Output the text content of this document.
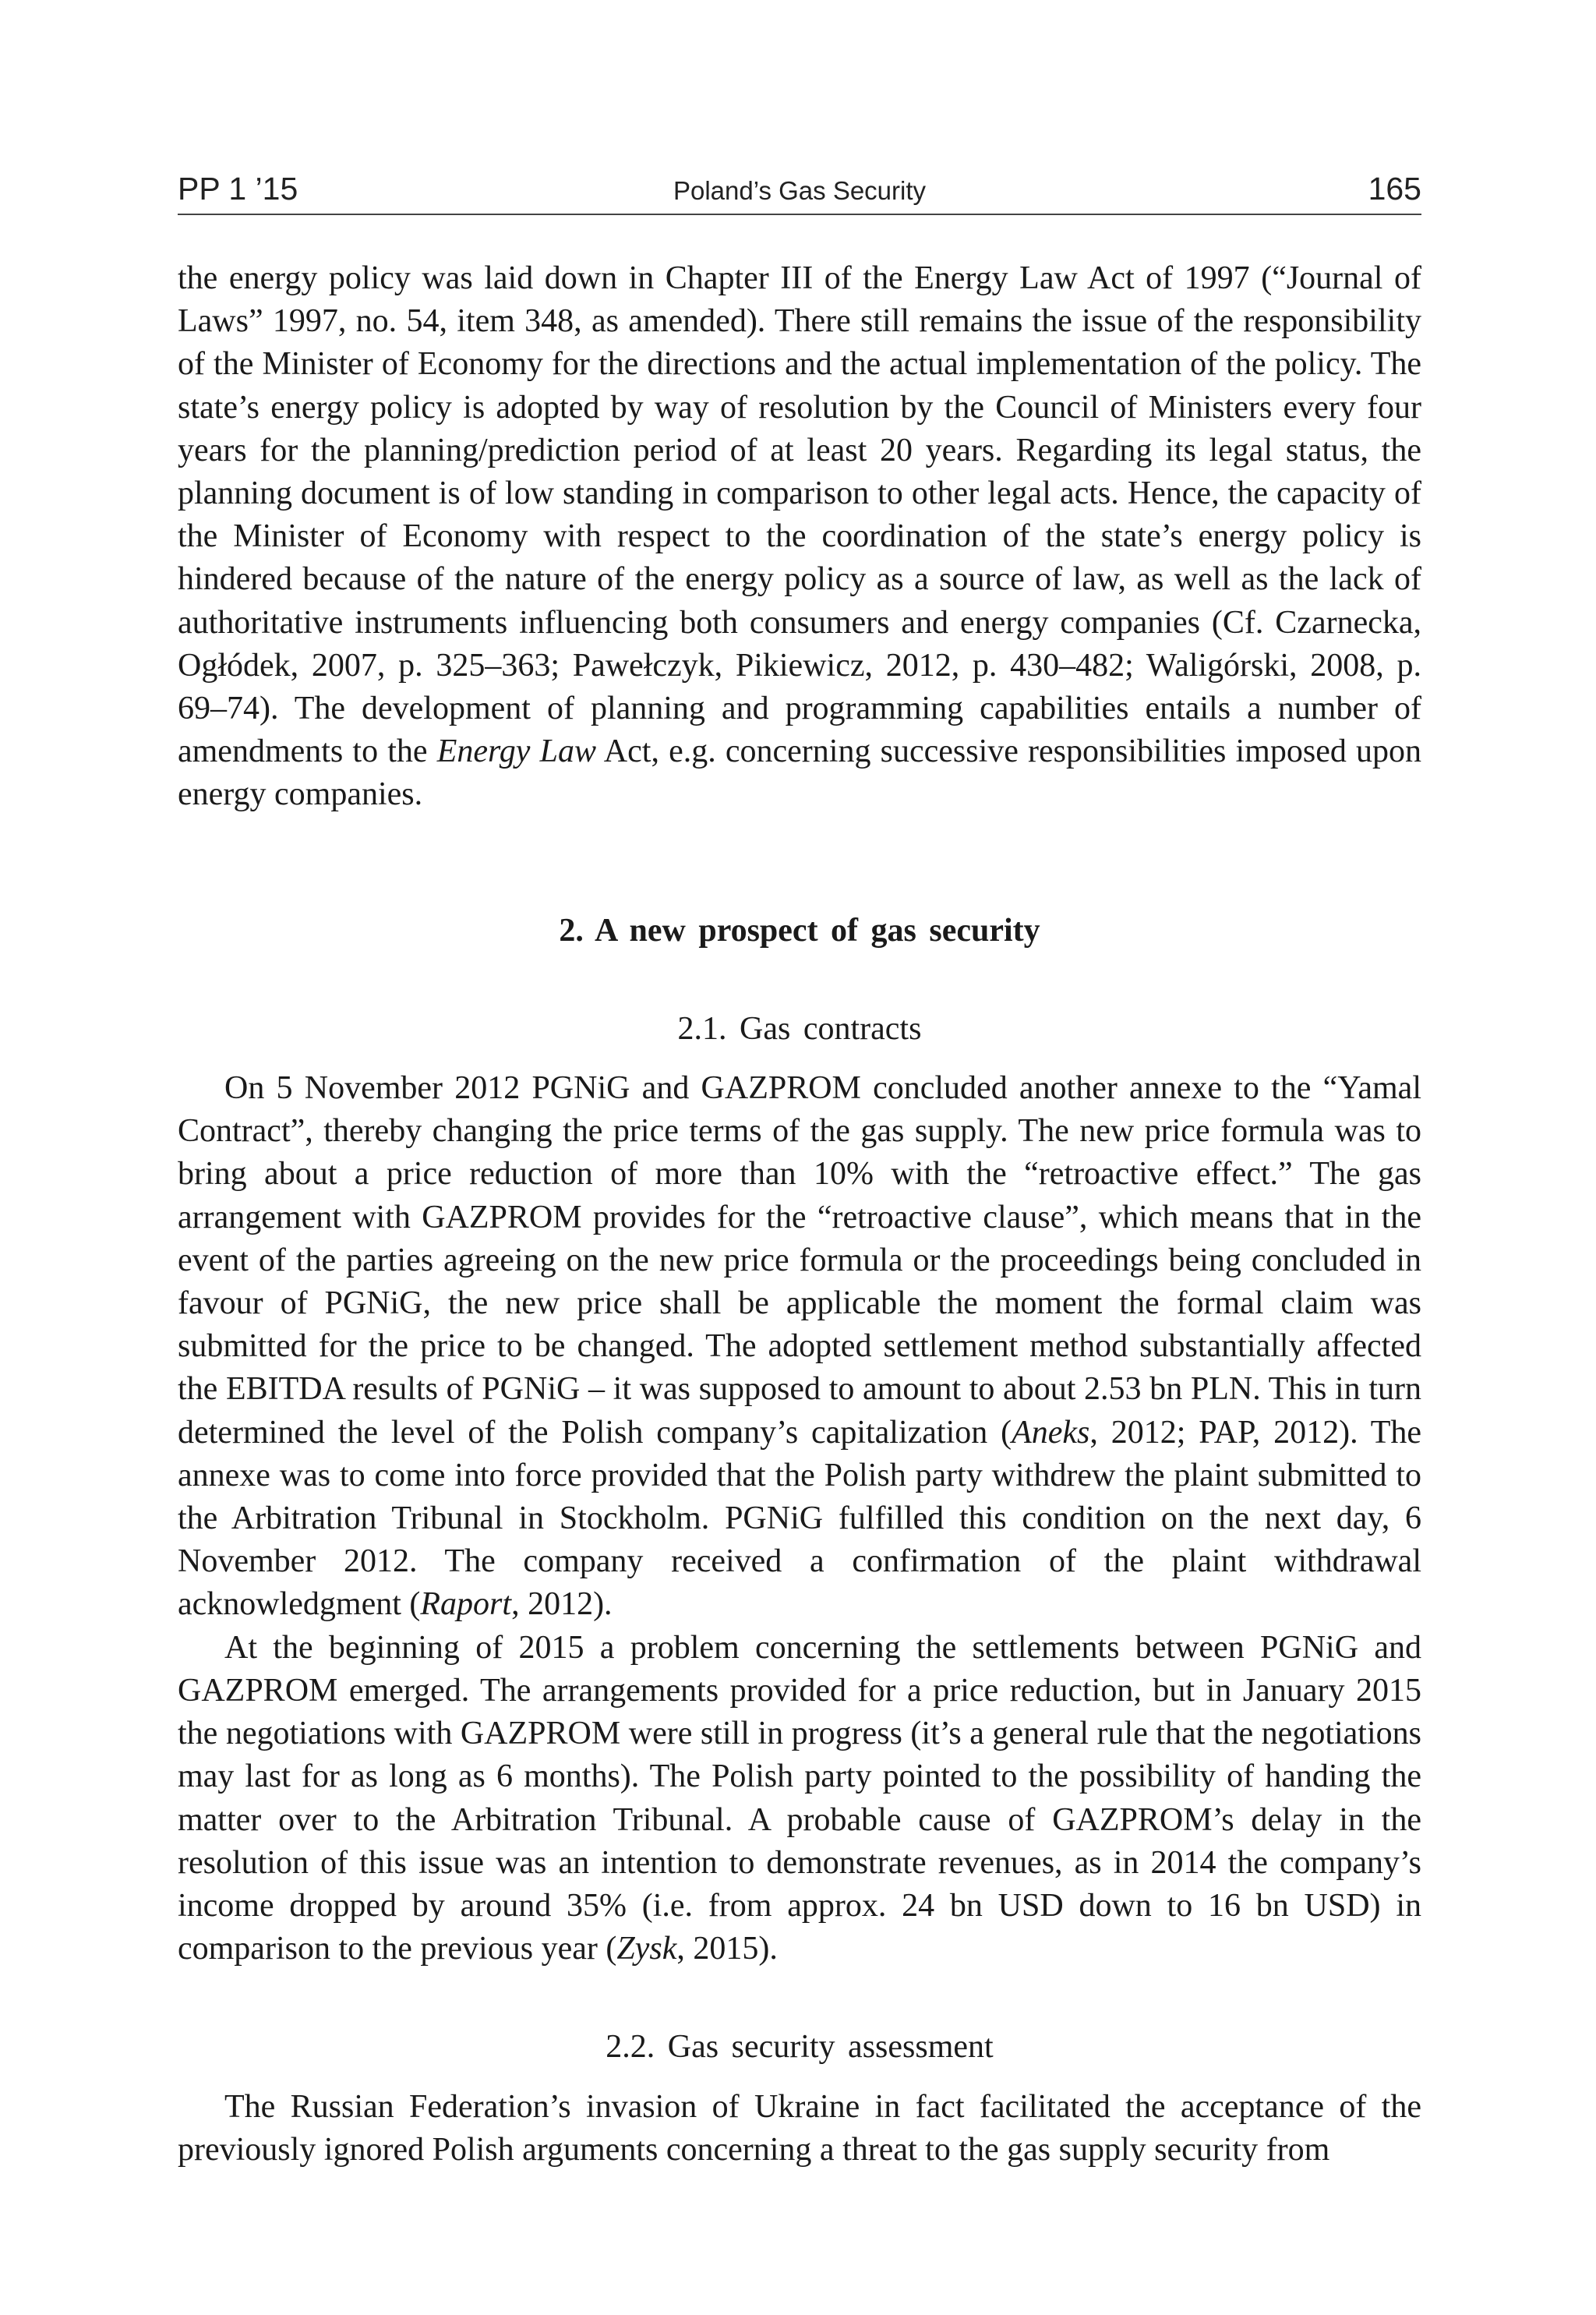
PP 1 ’15	Poland’s Gas Security	165

the energy policy was laid down in Chapter III of the Energy Law Act of 1997 (“Journal of Laws” 1997, no. 54, item 348, as amended). There still remains the issue of the responsibility of the Minister of Economy for the directions and the actual implementation of the policy. The state’s energy policy is adopted by way of resolution by the Council of Ministers every four years for the planning/prediction period of at least 20 years. Regarding its legal status, the planning document is of low standing in comparison to other legal acts. Hence, the capacity of the Minister of Economy with respect to the coordination of the state’s energy policy is hindered because of the nature of the energy policy as a source of law, as well as the lack of authoritative instruments influencing both consumers and energy companies (Cf. Czarnecka, Ogłódek, 2007, p. 325–363; Pawełczyk, Pikiewicz, 2012, p. 430–482; Waligórski, 2008, p. 69–74). The development of planning and programming capabilities entails a number of amendments to the Energy Law Act, e.g. concerning successive responsibilities imposed upon energy companies.

2. A new prospect of gas security
2.1. Gas contracts

On 5 November 2012 PGNiG and GAZPROM concluded another annexe to the “Yamal Contract”, thereby changing the price terms of the gas supply. The new price formula was to bring about a price reduction of more than 10% with the “retroactive effect.” The gas arrangement with GAZPROM provides for the “retroactive clause”, which means that in the event of the parties agreeing on the new price formula or the proceedings being concluded in favour of PGNiG, the new price shall be applicable the moment the formal claim was submitted for the price to be changed. The adopted settlement method substantially affected the EBITDA results of PGNiG – it was supposed to amount to about 2.53 bn PLN. This in turn determined the level of the Polish company’s capitalization (Aneks, 2012; PAP, 2012). The annexe was to come into force provided that the Polish party withdrew the plaint submitted to the Arbitration Tribunal in Stockholm. PGNiG fulfilled this condition on the next day, 6 November 2012. The company received a confirmation of the plaint withdrawal acknowledgment (Raport, 2012).

At the beginning of 2015 a problem concerning the settlements between PGNiG and GAZPROM emerged. The arrangements provided for a price reduction, but in January 2015 the negotiations with GAZPROM were still in progress (it’s a general rule that the negotiations may last for as long as 6 months). The Polish party pointed to the possibility of handing the matter over to the Arbitration Tribunal. A probable cause of GAZPROM’s delay in the resolution of this issue was an intention to demonstrate revenues, as in 2014 the company’s income dropped by around 35% (i.e. from approx. 24 bn USD down to 16 bn USD) in comparison to the previous year (Zysk, 2015).

2.2. Gas security assessment

The Russian Federation’s invasion of Ukraine in fact facilitated the acceptance of the previously ignored Polish arguments concerning a threat to the gas supply security from
